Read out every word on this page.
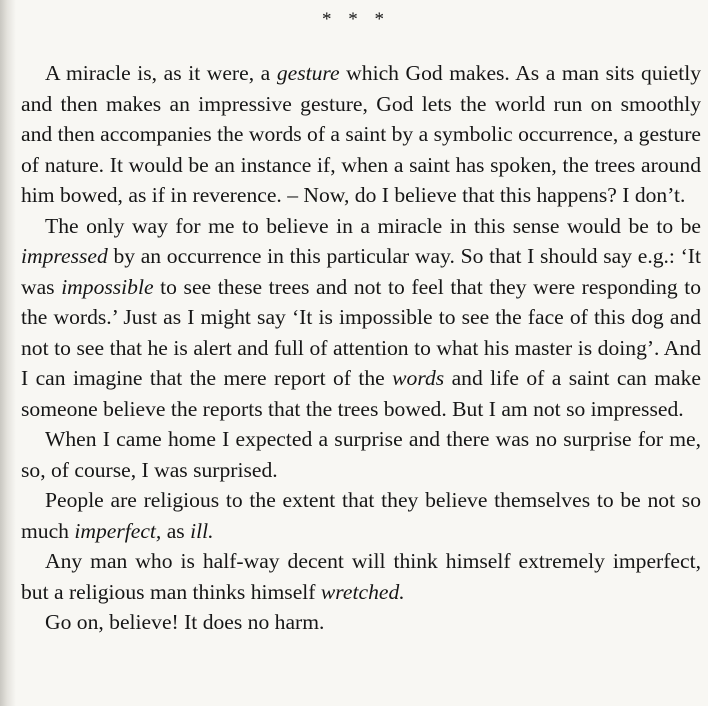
* * *

A miracle is, as it were, a gesture which God makes. As a man sits quietly and then makes an impressive gesture, God lets the world run on smoothly and then accompanies the words of a saint by a symbolic occurrence, a gesture of nature. It would be an instance if, when a saint has spoken, the trees around him bowed, as if in reverence. – Now, do I believe that this happens? I don’t.

The only way for me to believe in a miracle in this sense would be to be impressed by an occurrence in this particular way. So that I should say e.g.: ‘It was impossible to see these trees and not to feel that they were responding to the words.’ Just as I might say ‘It is impossible to see the face of this dog and not to see that he is alert and full of attention to what his master is doing’. And I can imagine that the mere report of the words and life of a saint can make someone believe the reports that the trees bowed. But I am not so impressed.

When I came home I expected a surprise and there was no surprise for me, so, of course, I was surprised.

People are religious to the extent that they believe themselves to be not so much imperfect, as ill.

Any man who is half-way decent will think himself extremely imperfect, but a religious man thinks himself wretched.

Go on, believe! It does no harm.
